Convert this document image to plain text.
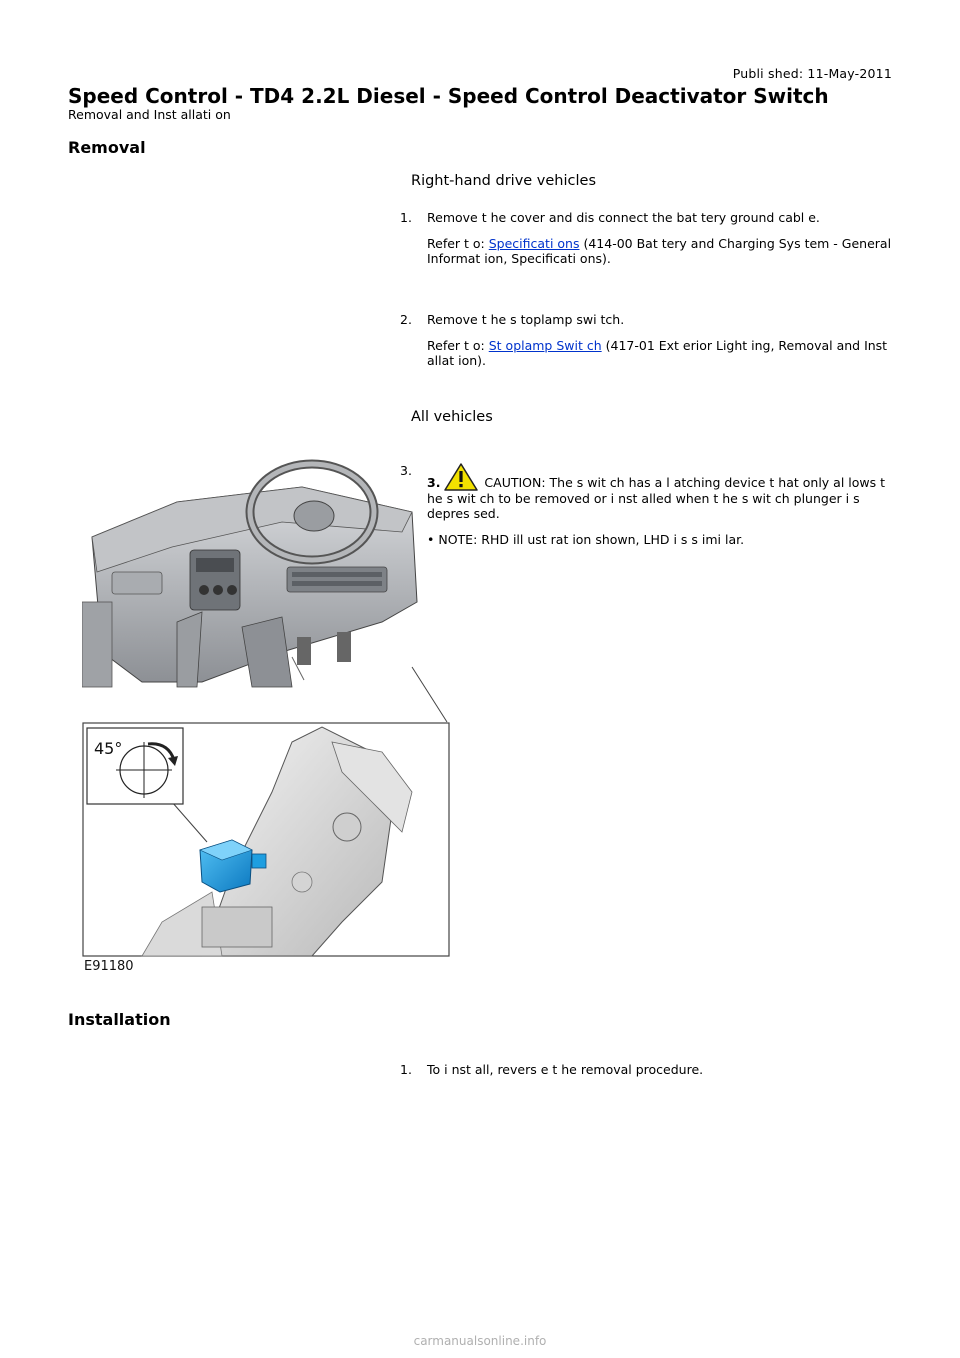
Publi shed: 11-May-2011
Speed Control - TD4 2.2L Diesel - Speed Control Deactivator Switch
Removal and Inst allati on
Removal
Right-hand drive vehicles
1. Remove t he cover and dis connect the bat tery ground cabl e.

Refer t o: Specificati ons (414-00 Bat tery and Charging Sys tem - General Informat ion, Specificati ons).

2. Remove t he s toplamp swi tch.

Refer t o: St oplamp Swit ch (417-01 Ext erior Light ing, Removal and Inst allat ion).

All vehicles
3.

3.	CAUTION: The s wit ch has a l atching device t hat only al lows t he s wit ch to be removed or i nst alled when t he s wit ch plunger i s depres sed.

• NOTE: RHD ill ust rat ion shown, LHD i s s imi lar.

45°
E91180
Installation
1. To i nst all, revers e t he removal procedure.

carmanualsonline.info
